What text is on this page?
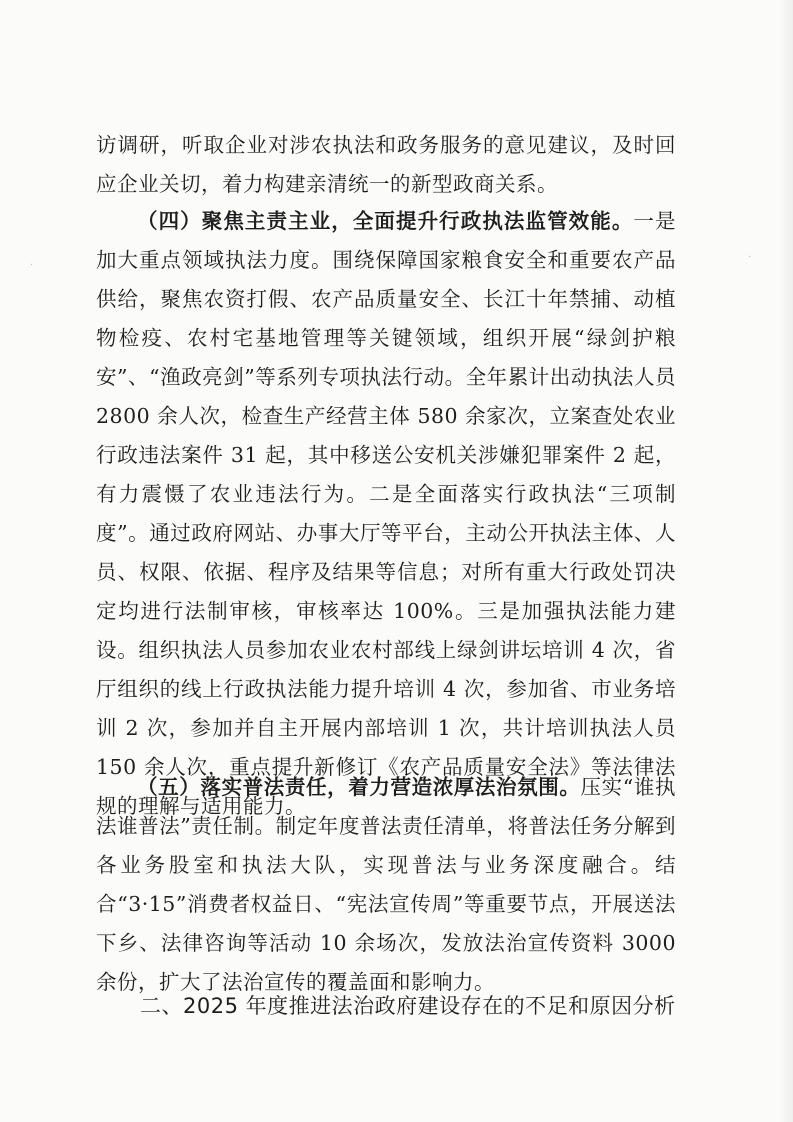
·
·

访调研，听取企业对涉农执法和政务服务的意见建议，及时回应企业关切，着力构建亲清统一的新型政商关系。

（四）聚焦主责主业，全面提升行政执法监管效能。一是加大重点领域执法力度。围绕保障国家粮食安全和重要农产品供给，聚焦农资打假、农产品质量安全、长江十年禁捕、动植物检疫、农村宅基地管理等关键领域，组织开展“绿剑护粮安”、“渔政亮剑”等系列专项执法行动。全年累计出动执法人员 2800 余人次，检查生产经营主体 580 余家次，立案查处农业行政违法案件 31 起，其中移送公安机关涉嫌犯罪案件 2 起，有力震慑了农业违法行为。二是全面落实行政执法“三项制度”。通过政府网站、办事大厅等平台，主动公开执法主体、人员、权限、依据、程序及结果等信息；对所有重大行政处罚决定均进行法制审核，审核率达 100%。三是加强执法能力建设。组织执法人员参加农业农村部线上绿剑讲坛培训 4 次，省厅组织的线上行政执法能力提升培训 4 次，参加省、市业务培训 2 次，参加并自主开展内部培训 1 次，共计培训执法人员 150 余人次，重点提升新修订《农产品质量安全法》等法律法规的理解与适用能力。

（五）落实普法责任，着力营造浓厚法治氛围。压实“谁执法谁普法”责任制。制定年度普法责任清单，将普法任务分解到各业务股室和执法大队，实现普法与业务深度融合。结合“3·15”消费者权益日、“宪法宣传周”等重要节点，开展送法下乡、法律咨询等活动 10 余场次，发放法治宣传资料 3000 余份，扩大了法治宣传的覆盖面和影响力。

二、2025 年度推进法治政府建设存在的不足和原因分析
